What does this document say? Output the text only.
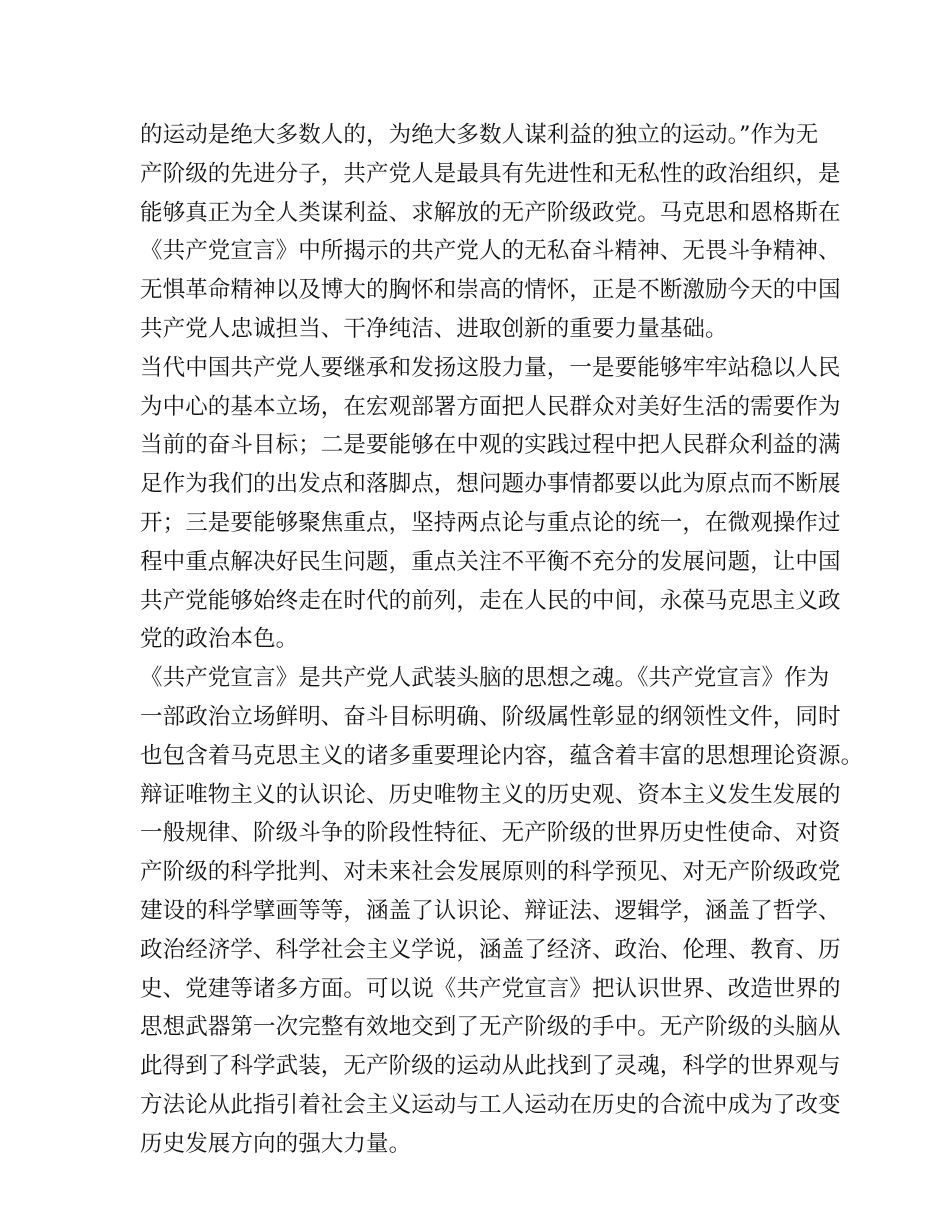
的运动是绝大多数人的，为绝大多数人谋利益的独立的运动。”作为无
产阶级的先进分子，共产党人是最具有先进性和无私性的政治组织，是
能够真正为全人类谋利益、求解放的无产阶级政党。马克思和恩格斯在
《共产党宣言》中所揭示的共产党人的无私奋斗精神、无畏斗争精神、
无惧革命精神以及博大的胸怀和崇高的情怀，正是不断激励今天的中国
共产党人忠诚担当、干净纯洁、进取创新的重要力量基础。
当代中国共产党人要继承和发扬这股力量，一是要能够牢牢站稳以人民
为中心的基本立场，在宏观部署方面把人民群众对美好生活的需要作为
当前的奋斗目标；二是要能够在中观的实践过程中把人民群众利益的满
足作为我们的出发点和落脚点，想问题办事情都要以此为原点而不断展
开；三是要能够聚焦重点，坚持两点论与重点论的统一，在微观操作过
程中重点解决好民生问题，重点关注不平衡不充分的发展问题，让中国
共产党能够始终走在时代的前列，走在人民的中间，永葆马克思主义政
党的政治本色。
《共产党宣言》是共产党人武装头脑的思想之魂。《共产党宣言》作为
一部政治立场鲜明、奋斗目标明确、阶级属性彰显的纲领性文件，同时
也包含着马克思主义的诸多重要理论内容，蕴含着丰富的思想理论资源。
辩证唯物主义的认识论、历史唯物主义的历史观、资本主义发生发展的
一般规律、阶级斗争的阶段性特征、无产阶级的世界历史性使命、对资
产阶级的科学批判、对未来社会发展原则的科学预见、对无产阶级政党
建设的科学擘画等等，涵盖了认识论、辩证法、逻辑学，涵盖了哲学、
政治经济学、科学社会主义学说，涵盖了经济、政治、伦理、教育、历
史、党建等诸多方面。可以说《共产党宣言》把认识世界、改造世界的
思想武器第一次完整有效地交到了无产阶级的手中。无产阶级的头脑从
此得到了科学武装，无产阶级的运动从此找到了灵魂，科学的世界观与
方法论从此指引着社会主义运动与工人运动在历史的合流中成为了改变
历史发展方向的强大力量。
